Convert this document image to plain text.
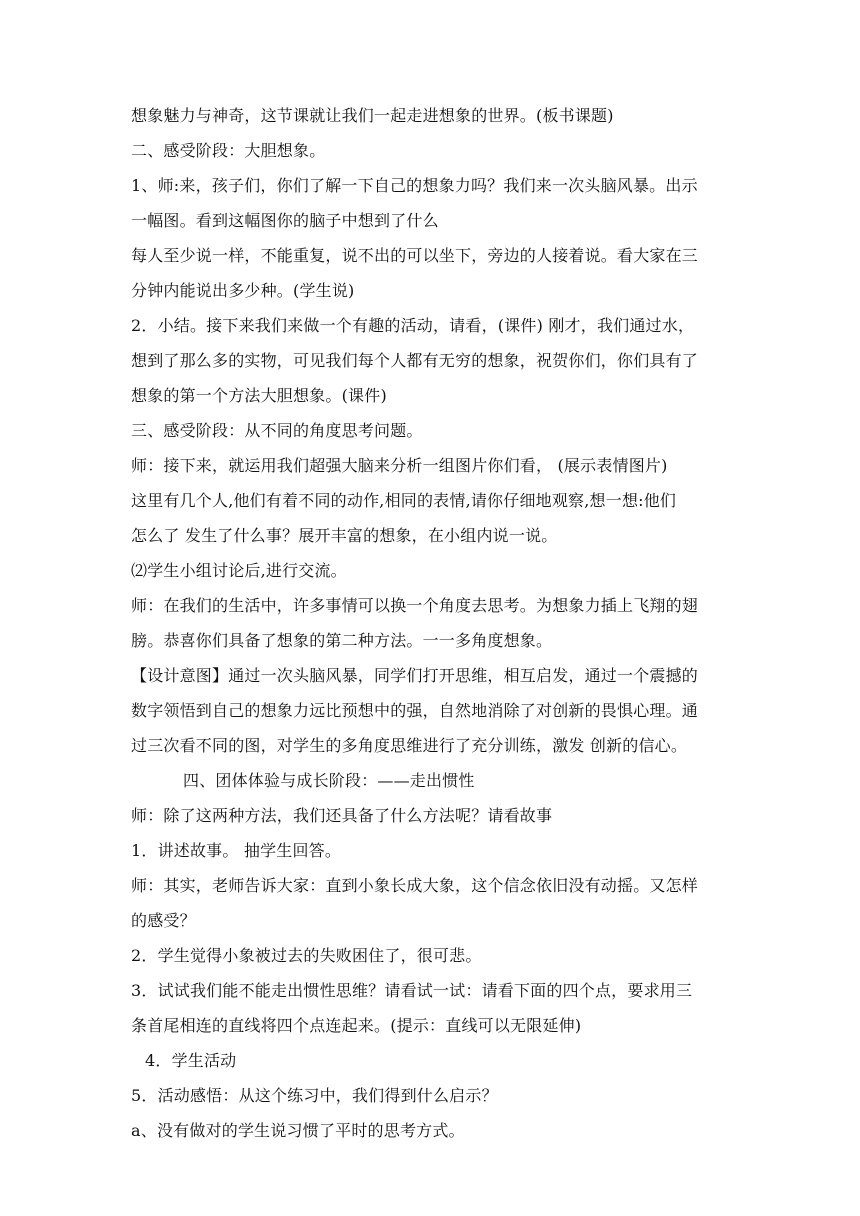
想象魅力与神奇，这节课就让我们一起走进想象的世界。(板书课题)
二、感受阶段：大胆想象。
1、师:来，孩子们，你们了解一下自己的想象力吗？我们来一次头脑风暴。出示
一幅图。看到这幅图你的脑子中想到了什么
每人至少说一样，不能重复，说不出的可以坐下，旁边的人接着说。看大家在三
分钟内能说出多少种。(学生说)
2．小结。接下来我们来做一个有趣的活动，请看，(课件) 刚才，我们通过水，
想到了那么多的实物，可见我们每个人都有无穷的想象，祝贺你们，你们具有了
想象的第一个方法大胆想象。(课件)
三、感受阶段：从不同的角度思考问题。
师：接下来，就运用我们超强大脑来分析一组图片你们看， (展示表情图片)
这里有几个人,他们有着不同的动作,相同的表情,请你仔细地观察,想一想:他们
怎么了 发生了什么事？展开丰富的想象，在小组内说一说。
⑵学生小组讨论后,进行交流。
师：在我们的生活中，许多事情可以换一个角度去思考。为想象力插上飞翔的翅
膀。恭喜你们具备了想象的第二种方法。一一多角度想象。
【设计意图】通过一次头脑风暴，同学们打开思维，相互启发，通过一个震撼的
数字领悟到自己的想象力远比预想中的强，自然地消除了对创新的畏惧心理。通
过三次看不同的图，对学生的多角度思维进行了充分训练，激发 创新的信心。
四、团体体验与成长阶段：——走出惯性
师：除了这两种方法，我们还具备了什么方法呢？请看故事
1．讲述故事。 抽学生回答。
师：其实，老师告诉大家：直到小象长成大象，这个信念依旧没有动摇。又怎样
的感受？
2．学生觉得小象被过去的失败困住了，很可悲。
3．试试我们能不能走出惯性思维？请看试一试：请看下面的四个点，要求用三
条首尾相连的直线将四个点连起来。(提示：直线可以无限延伸)
4．学生活动
5．活动感悟：从这个练习中，我们得到什么启示？
a、没有做对的学生说习惯了平时的思考方式。
